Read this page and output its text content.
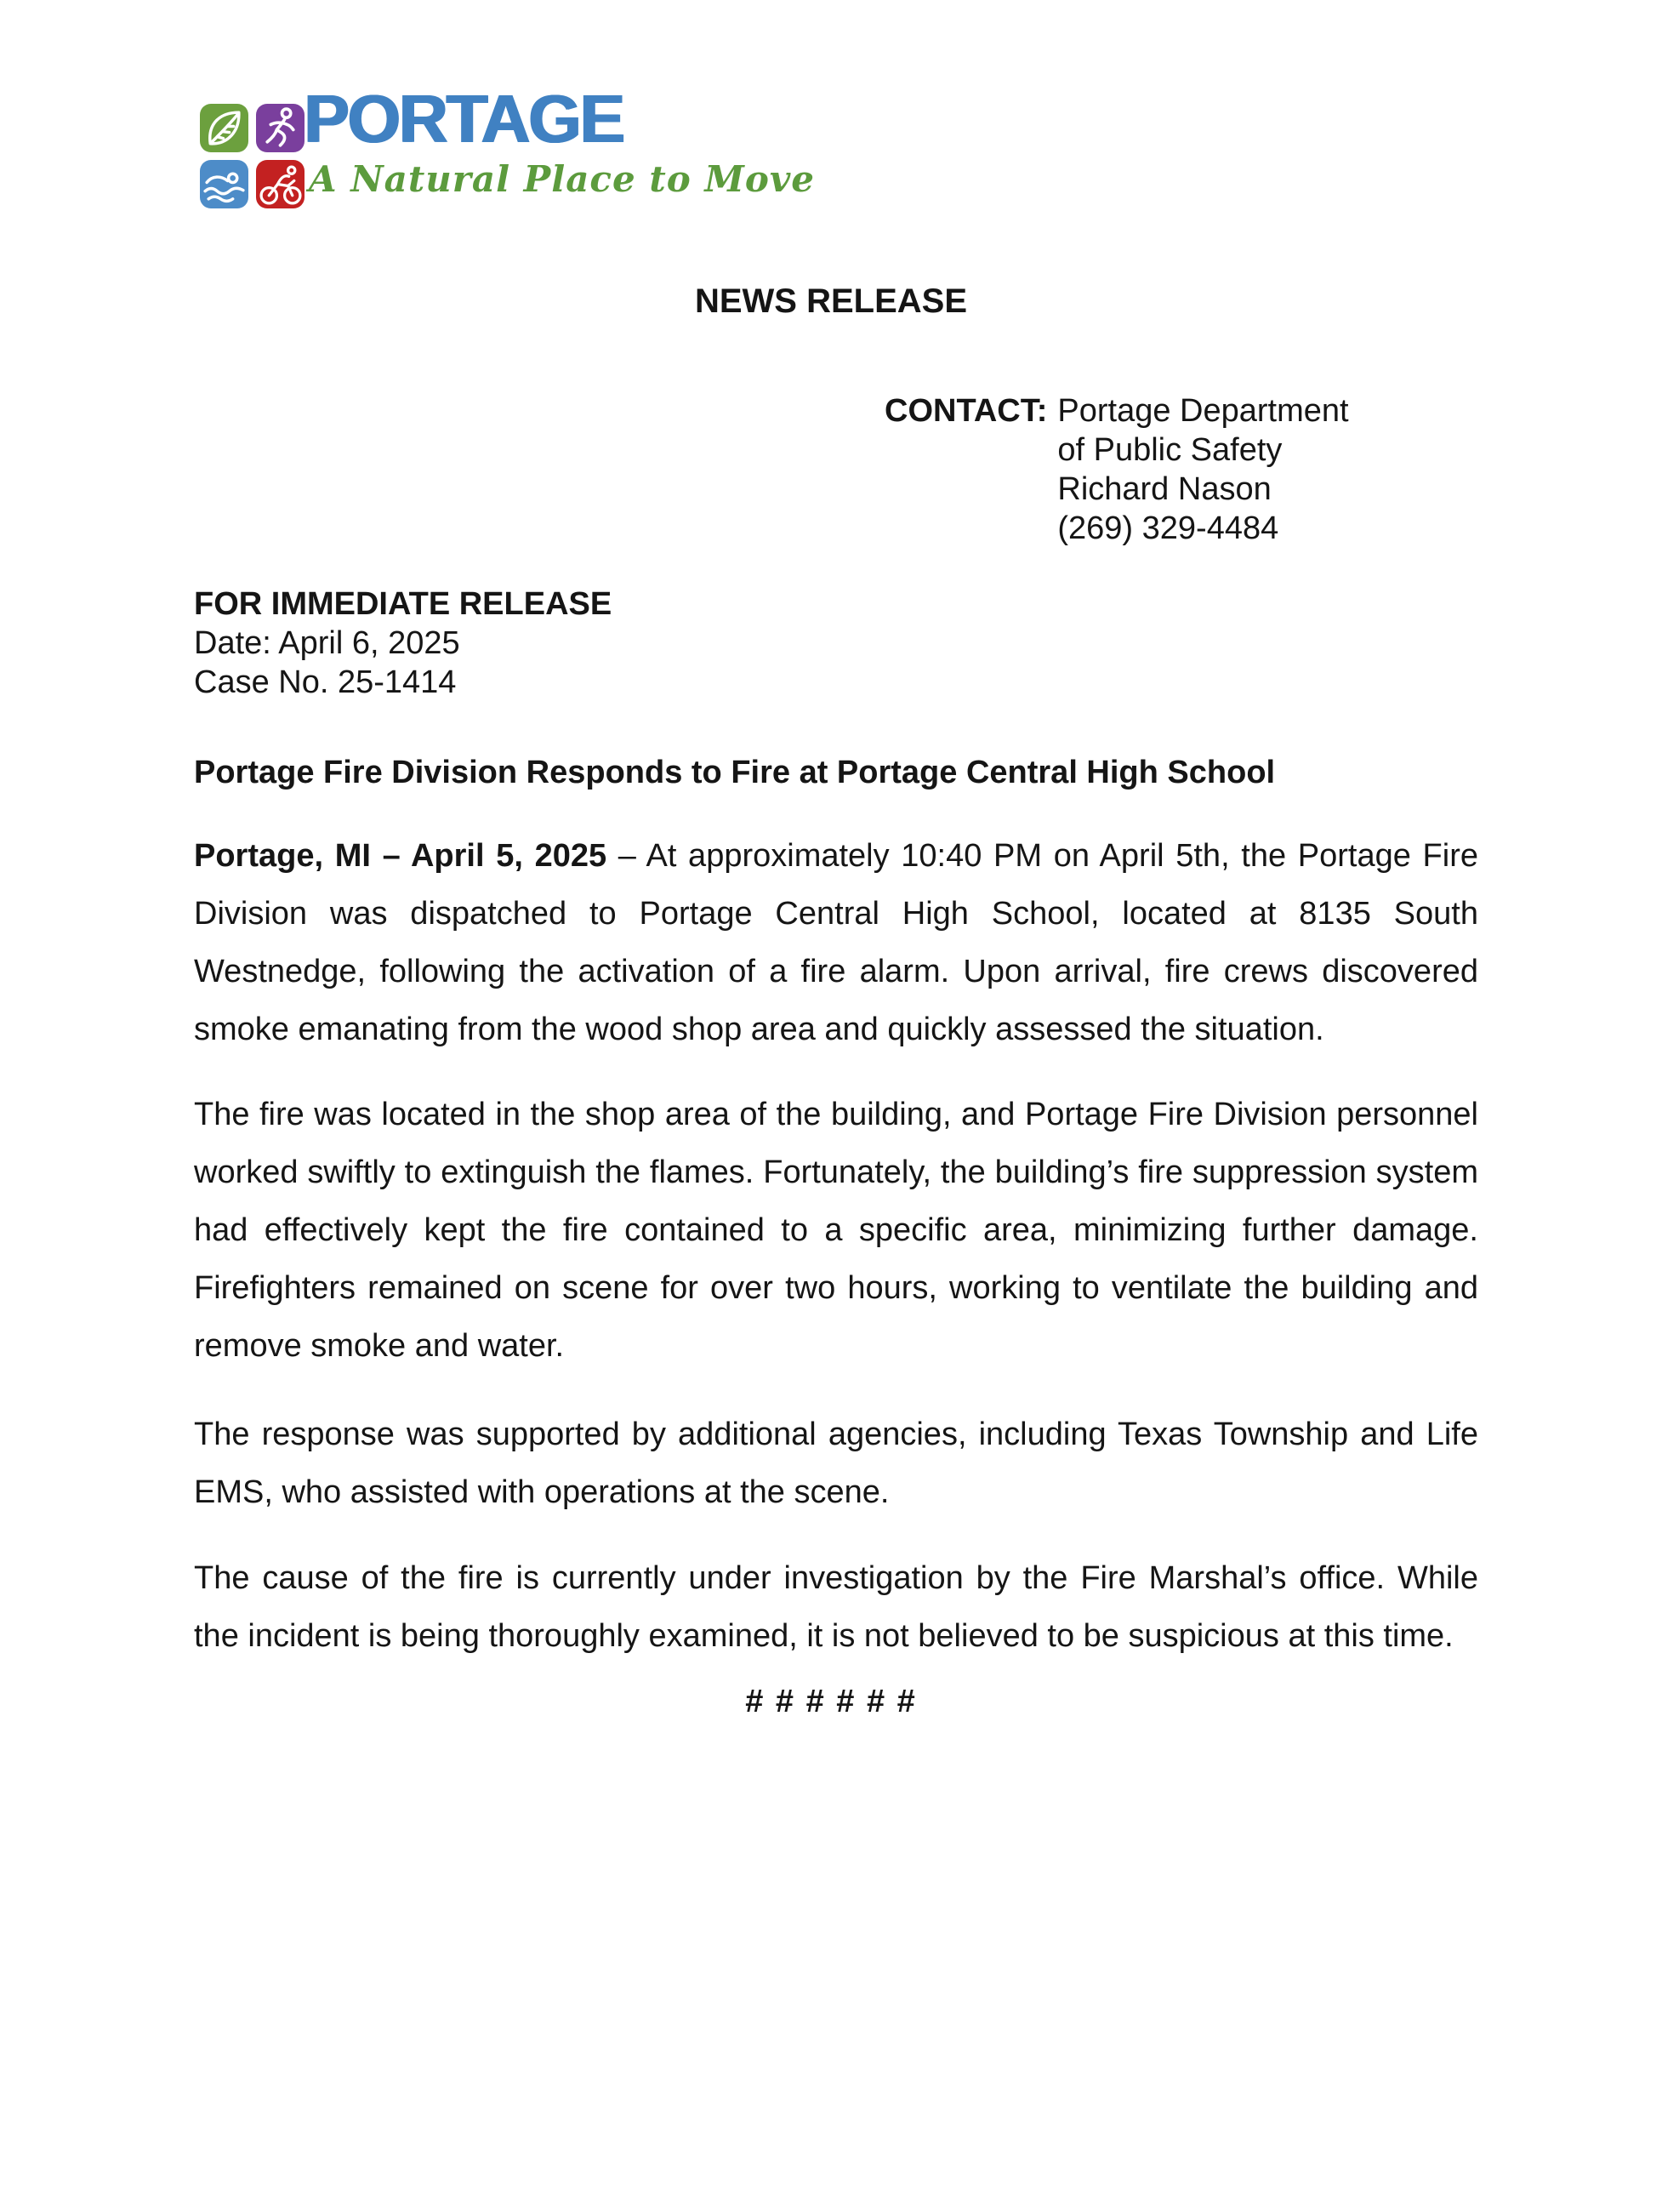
PORTAGE
A Natural Place to Move
NEWS RELEASE
CONTACT: Portage Department
of Public Safety
Richard Nason
(269) 329-4484
FOR IMMEDIATE RELEASE
Date: April 6, 2025
Case No. 25-1414
Portage Fire Division Responds to Fire at Portage Central High School

Portage, MI – April 5, 2025 – At approximately 10:40 PM on April 5th, the Portage Fire Division was dispatched to Portage Central High School, located at 8135 South Westnedge, following the activation of a fire alarm. Upon arrival, fire crews discovered smoke emanating from the wood shop area and quickly assessed the situation.

The fire was located in the shop area of the building, and Portage Fire Division personnel worked swiftly to extinguish the flames. Fortunately, the building’s fire suppression system had effectively kept the fire contained to a specific area, minimizing further damage. Firefighters remained on scene for over two hours, working to ventilate the building and remove smoke and water.

The response was supported by additional agencies, including Texas Township and Life EMS, who assisted with operations at the scene.

The cause of the fire is currently under investigation by the Fire Marshal’s office. While the incident is being thoroughly examined, it is not believed to be suspicious at this time.

# # # # # #
